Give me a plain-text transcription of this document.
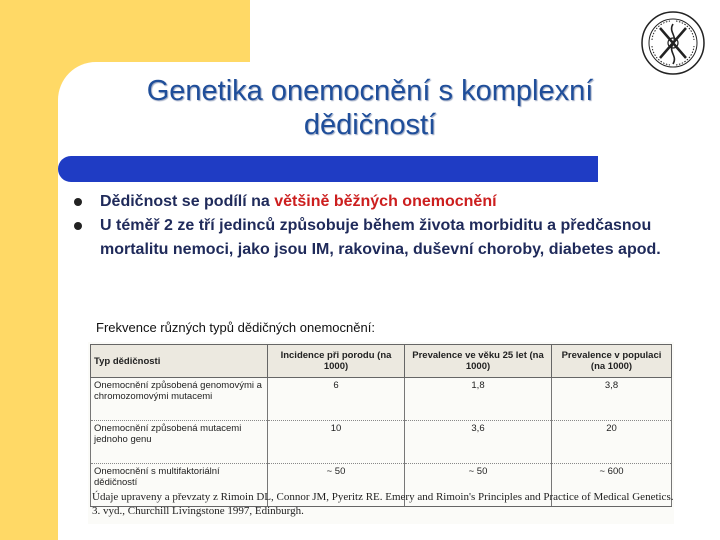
Genetika onemocnění s komplexní
dědičností
Dědičnost se podílí na většině běžných onemocnění
U téměř 2 ze tří jedinců způsobuje během života morbiditu a předčasnou mortalitu nemoci, jako jsou IM, rakovina, duševní choroby, diabetes apod.
Frekvence různých typů dědičných onemocnění:
Typ dědičnosti	Incidence při porodu (na 1000)	Prevalence ve věku 25 let (na 1000)	Prevalence v populaci (na 1000)
Onemocnění způsobená genomovými a chromozomovými mutacemi	6	1,8	3,8
Onemocnění způsobená mutacemi jednoho genu	10	3,6	20
Onemocnění s multifaktoriální dědičností	~ 50	~ 50	~ 600
Údaje upraveny a převzaty z Rimoin DL, Connor JM, Pyeritz RE. Emery and Rimoin's Principles and Practice of Medical Genetics. 3. vyd., Churchill Livingstone 1997, Edinburgh.
